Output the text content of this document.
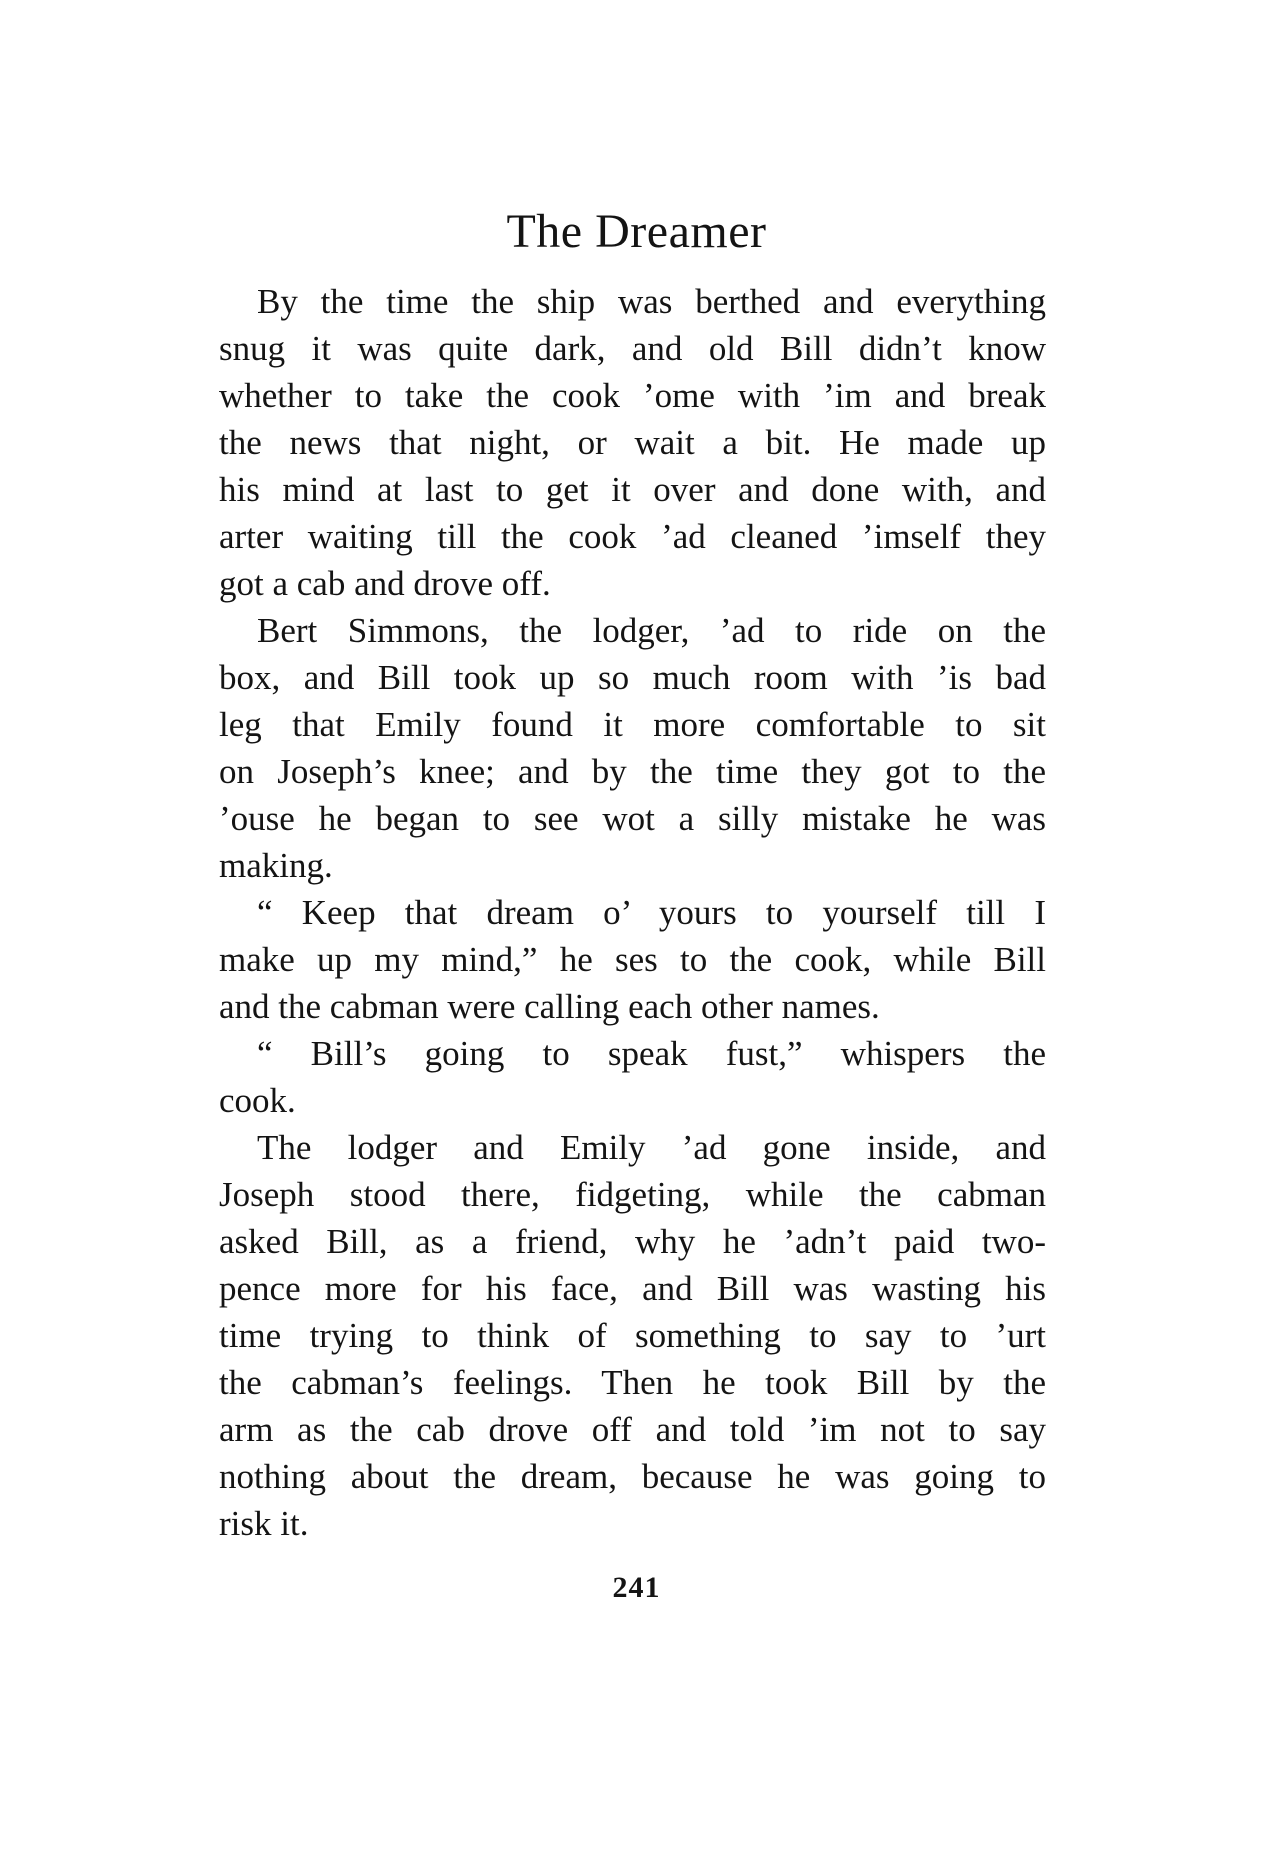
The Dreamer
By the time the ship was berthed and everything
snug it was quite dark, and old Bill didn’t know
whether to take the cook ’ome with ’im and break
the news that night, or wait a bit. He made up
his mind at last to get it over and done with, and
arter waiting till the cook ’ad cleaned ’imself they
got a cab and drove off.
Bert Simmons, the lodger, ’ad to ride on the
box, and Bill took up so much room with ’is bad
leg that Emily found it more comfortable to sit
on Joseph’s knee; and by the time they got to the
’ouse he began to see wot a silly mistake he was
making.
“ Keep that dream o’ yours to yourself till I
make up my mind,” he ses to the cook, while Bill
and the cabman were calling each other names.
“ Bill’s going to speak fust,” whispers the
cook.
The lodger and Emily ’ad gone inside, and
Joseph stood there, fidgeting, while the cabman
asked Bill, as a friend, why he ’adn’t paid two-
pence more for his face, and Bill was wasting his
time trying to think of something to say to ’urt
the cabman’s feelings. Then he took Bill by the
arm as the cab drove off and told ’im not to say
nothing about the dream, because he was going to
risk it.
241
